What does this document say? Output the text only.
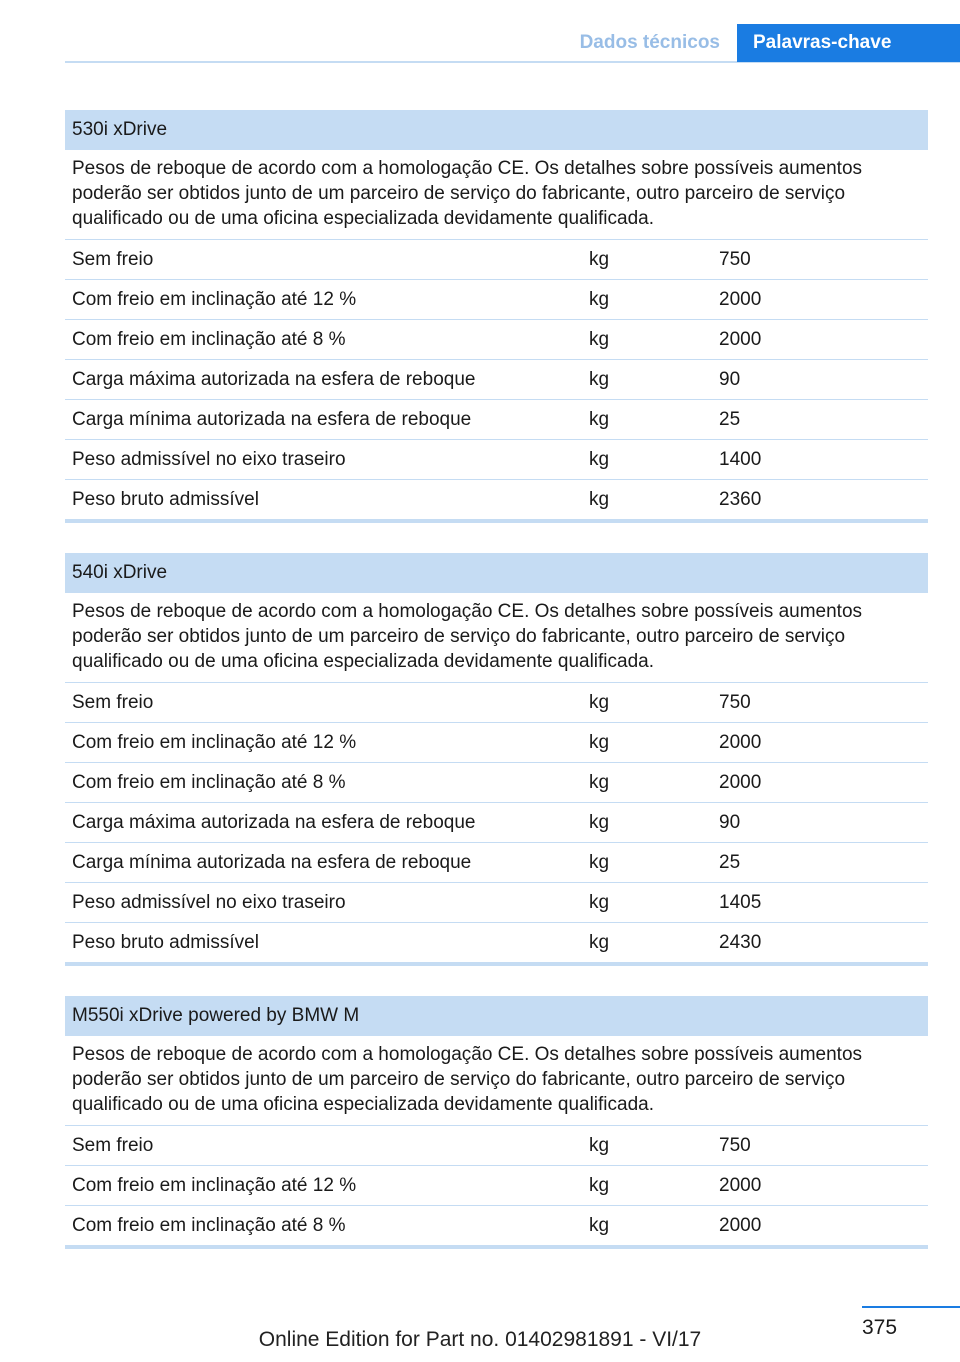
Dados técnicos	Palavras-chave
530i xDrive
Pesos de reboque de acordo com a homologação CE. Os detalhes sobre possíveis aumentos poderão ser obtidos junto de um parceiro de serviço do fabricante, outro parceiro de serviço qualificado ou de uma oficina especializada devidamente qualificada.
Sem freio	kg	750
Com freio em inclinação até 12 %	kg	2000
Com freio em inclinação até 8 %	kg	2000
Carga máxima autorizada na esfera de reboque	kg	90
Carga mínima autorizada na esfera de reboque	kg	25
Peso admissível no eixo traseiro	kg	1400
Peso bruto admissível	kg	2360
540i xDrive
Pesos de reboque de acordo com a homologação CE. Os detalhes sobre possíveis aumentos poderão ser obtidos junto de um parceiro de serviço do fabricante, outro parceiro de serviço qualificado ou de uma oficina especializada devidamente qualificada.
Sem freio	kg	750
Com freio em inclinação até 12 %	kg	2000
Com freio em inclinação até 8 %	kg	2000
Carga máxima autorizada na esfera de reboque	kg	90
Carga mínima autorizada na esfera de reboque	kg	25
Peso admissível no eixo traseiro	kg	1405
Peso bruto admissível	kg	2430
M550i xDrive powered by BMW M
Pesos de reboque de acordo com a homologação CE. Os detalhes sobre possíveis aumentos poderão ser obtidos junto de um parceiro de serviço do fabricante, outro parceiro de serviço qualificado ou de uma oficina especializada devidamente qualificada.
Sem freio	kg	750
Com freio em inclinação até 12 %	kg	2000
Com freio em inclinação até 8 %	kg	2000
375
Online Edition for Part no. 01402981891 - VI/17
